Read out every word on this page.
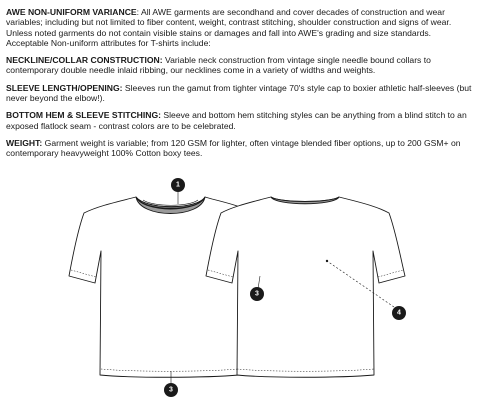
AWE NON-UNIFORM VARIANCE: All AWE garments are secondhand and cover decades of construction and wear variables; including but not limited to fiber content, weight, contrast stitching, shoulder construction and signs of wear. Unless noted garments do not contain visible stains or damages and fall into AWE's grading and size standards. Acceptable Non-uniform attributes for T-shirts include:

NECKLINE/COLLAR CONSTRUCTION: Variable neck construction from vintage single needle bound collars to contemporary double needle inlaid ribbing, our necklines come in a variety of widths and weights.

SLEEVE LENGTH/OPENING: Sleeves run the gamut from tighter vintage 70's style cap to boxier athletic half-sleeves (but never beyond the elbow!).

BOTTOM HEM & SLEEVE STITCHING: Sleeve and bottom hem stitching styles can be anything from a blind stitch to an exposed flatlock seam - contrast colors are to be celebrated.

WEIGHT: Garment weight is variable; from 120 GSM for lighter, often vintage blended fiber options, up to 200 GSM+ on contemporary heavyweight 100% Cotton boxy tees.

1
3
3
4
